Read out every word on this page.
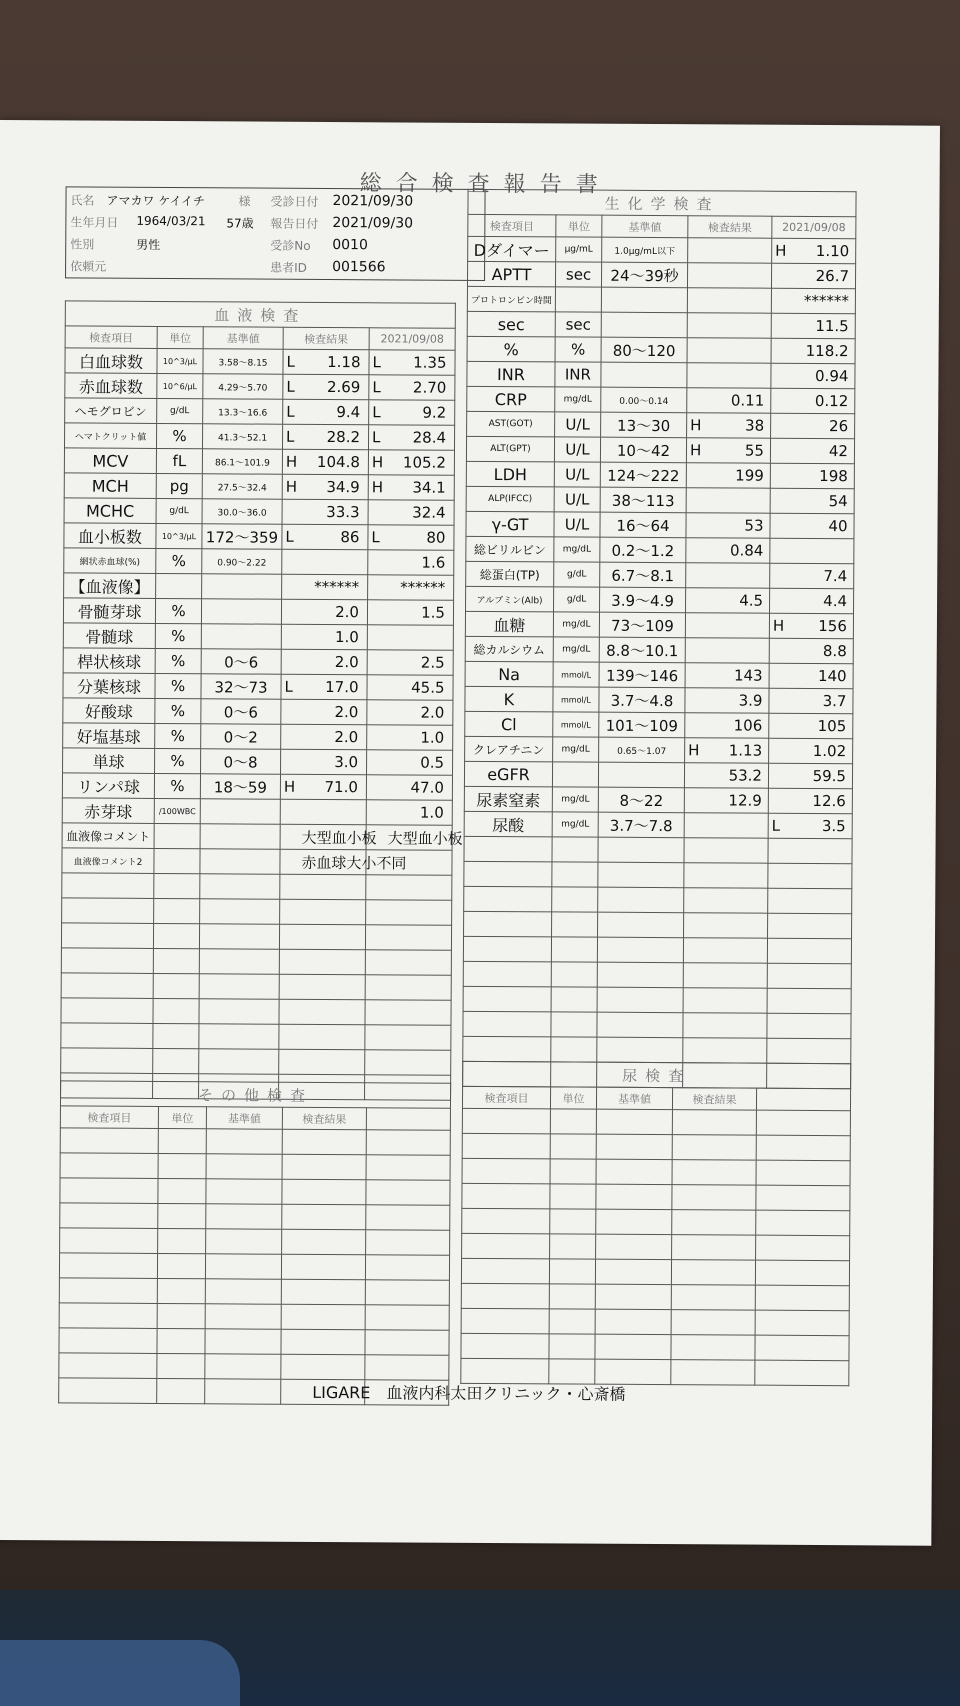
総合検査報告書
氏名 アマカワ ケイイチ	様
生年月日 1964/03/21 57歳
性別	男性
依頼元
受診日付 2021/09/30
報告日付 2021/09/30
受診No 0010
患者ID 001566
血液検査				
検査項目	単位	基準値	検査結果	2021/09/08
白血球数	10^3/μL	3.58〜8.15	L 1.18	L 1.35
赤血球数	10^6/μL	4.29〜5.70	L 2.69	L 2.70
ヘモグロビン	g/dL	13.3〜16.6	L 9.4	L 9.2
ヘマトクリット値	%	41.3〜52.1	L 28.2	L 28.4
MCV	fL	86.1〜101.9	H 104.8	H 105.2
MCH	pg	27.5〜32.4	H 34.9	H 34.1
MCHC	g/dL	30.0〜36.0	33.3	32.4
血小板数	10^3/μL	172〜359	L 86	L 80
網状赤血球(%)	%	0.90〜2.22		1.6
【血液像】			******	******
骨髄芽球	%		2.0	1.5
骨髄球	%		1.0	
桿状核球	%	0〜6	2.0	2.5
分葉核球	%	32〜73	L 17.0	45.5
好酸球	%	0〜6	2.0	2.0
好塩基球	%	0〜2	2.0	1.0
単球	%	0〜8	3.0	0.5
リンパ球	%	18〜59	H 71.0	47.0
赤芽球	/100WBC			1.0
血液像コメント			大型血小板	大型血小板
血液像コメント2			赤血球大小不同	

生化学検査				
検査項目	単位	基準値	検査結果	2021/09/08
Dダイマー	μg/mL	1.0μg/mL以下		H 1.10
APTT	sec	24〜39秒		26.7
プロトロンビン時間				******
sec	sec			11.5
%	%	80〜120		118.2
INR	INR			0.94
CRP	mg/dL	0.00〜0.14	0.11	0.12
AST(GOT)	U/L	13〜30	H 38	26
ALT(GPT)	U/L	10〜42	H 55	42
LDH	U/L	124〜222	199	198
ALP(IFCC)	U/L	38〜113		54
γ-GT	U/L	16〜64	53	40
総ビリルビン	mg/dL	0.2〜1.2	0.84	
総蛋白(TP)	g/dL	6.7〜8.1		7.4
アルブミン(Alb)	g/dL	3.9〜4.9	4.5	4.4
血糖	mg/dL	73〜109		H 156
総カルシウム	mg/dL	8.8〜10.1		8.8
Na	mmol/L	139〜146	143	140
K	mmol/L	3.7〜4.8	3.9	3.7
Cl	mmol/L	101〜109	106	105
クレアチニン	mg/dL	0.65〜1.07	H 1.13	1.02
eGFR			53.2	59.5
尿素窒素	mg/dL	8〜22	12.9	12.6
尿酸	mg/dL	3.7〜7.8		L 3.5

その他検査				
検査項目	単位	基準値	検査結果	

尿検査				
検査項目	単位	基準値	検査結果	

LIGARE　血液内科太田クリニック・心斎橋
